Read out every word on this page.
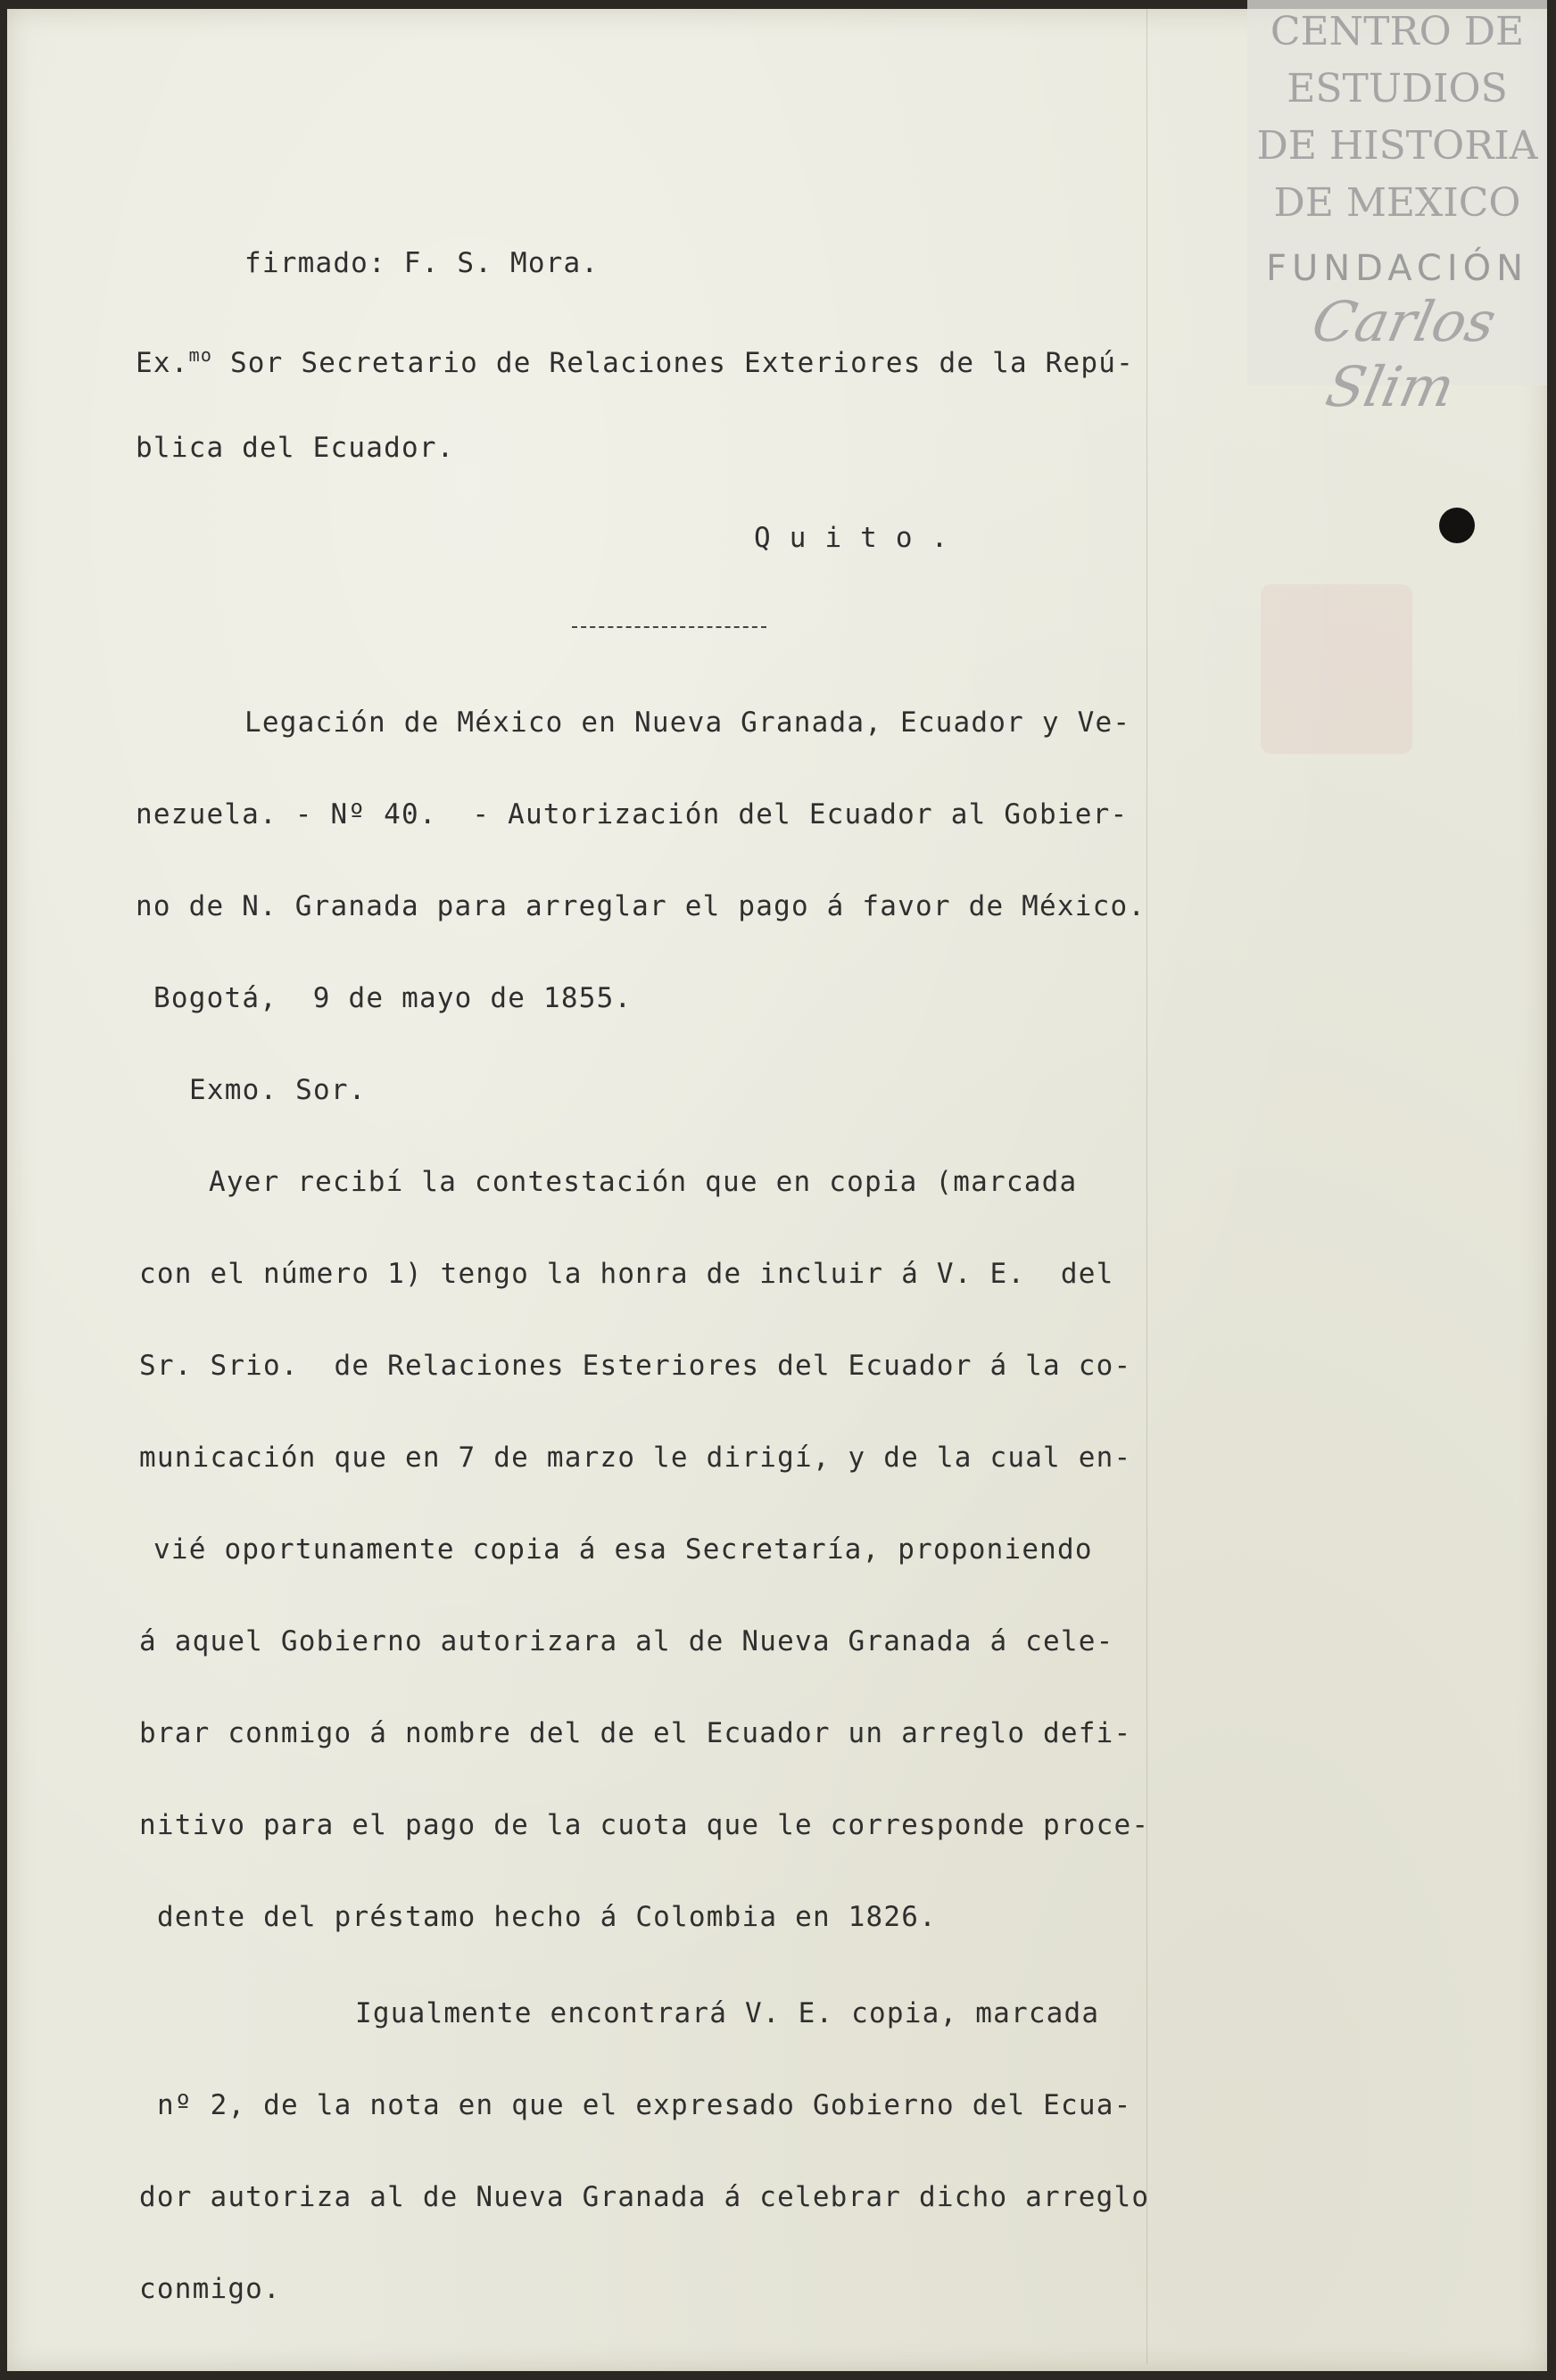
CENTRO DE
ESTUDIOS
DE HISTORIA
DE MEXICO
FUNDACIÓN
Carlos Slim
firmado: F. S. Mora.
Ex.$^{mo}$ Sor Secretario de Relaciones Exteriores de la Repú-
blica del Ecuador.
Q u i t o .
Legación de México en Nueva Granada, Ecuador y Ve-
nezuela. - Nº 40.  - Autorización del Ecuador al Gobier-
no de N. Granada para arreglar el pago á favor de México.
Bogotá,  9 de mayo de 1855.
Exmo. Sor.
Ayer recibí la contestación que en copia (marcada
con el número 1) tengo la honra de incluir á V. E.  del
Sr. Srio.  de Relaciones Esteriores del Ecuador á la co-
municación que en 7 de marzo le dirigí, y de la cual en-
vié oportunamente copia á esa Secretaría, proponiendo
á aquel Gobierno autorizara al de Nueva Granada á cele-
brar conmigo á nombre del de el Ecuador un arreglo defi-
nitivo para el pago de la cuota que le corresponde proce-
dente del préstamo hecho á Colombia en 1826.
Igualmente encontrará V. E. copia, marcada
nº 2, de la nota en que el expresado Gobierno del Ecua-
dor autoriza al de Nueva Granada á celebrar dicho arreglo
conmigo.
